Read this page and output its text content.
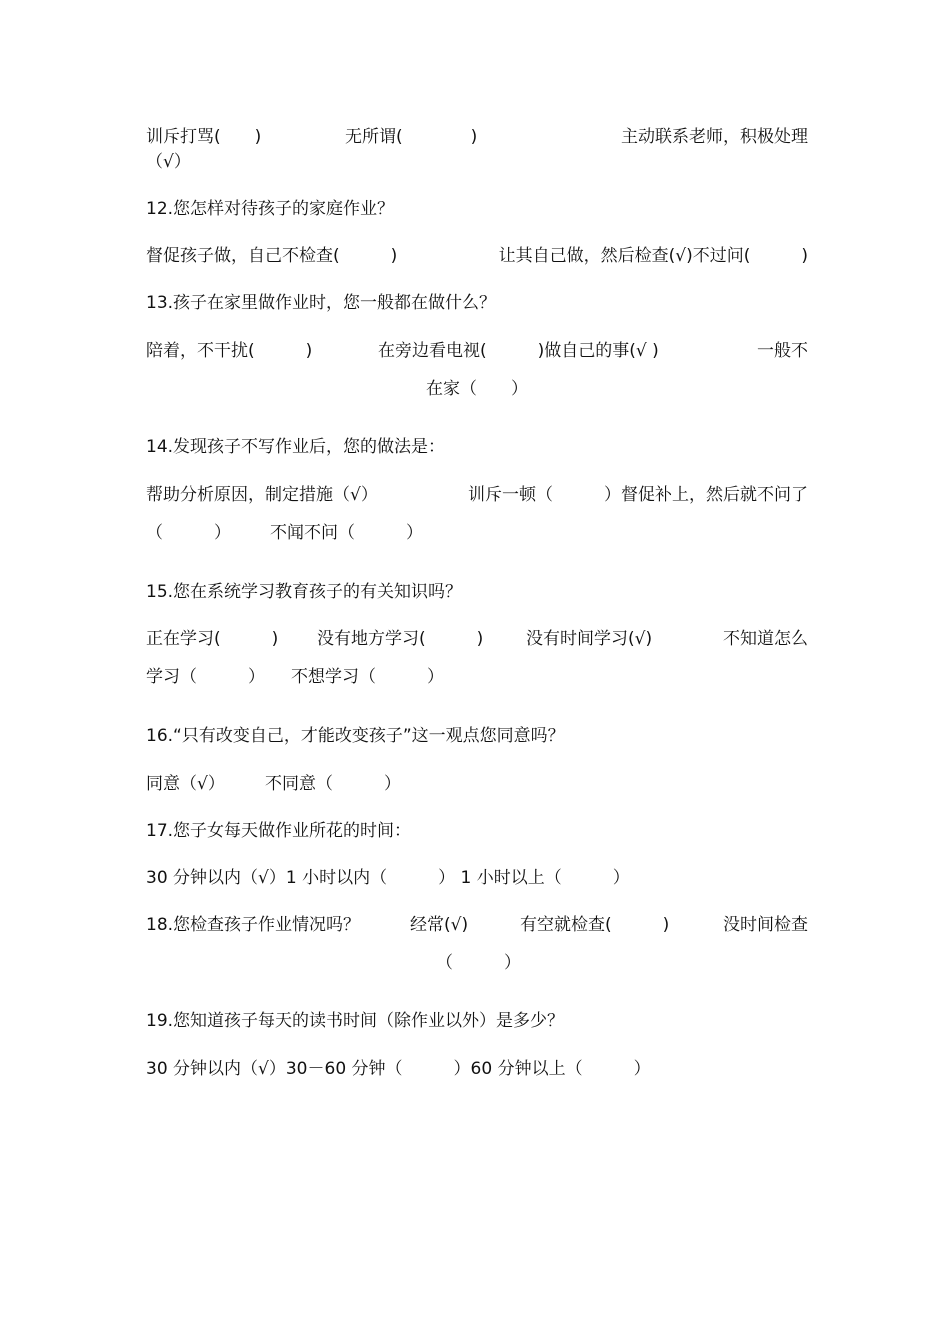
训斥打骂(　　)	无所谓(　　　　)	主动联系老师，积极处理
（√）
12.您怎样对待孩子的家庭作业？
督促孩子做，自己不检查(　　　)	让其自己做，然后检查(√)不过问(　　　)
13.孩子在家里做作业时，您一般都在做什么？
陪着，不干扰(　　　)	在旁边看电视(　　　)做自己的事(√ )	一般不
在家（　　）
14.发现孩子不写作业后，您的做法是：
帮助分析原因，制定措施（√）	训斥一顿（　　　）督促补上，然后就不问了
（　　　） 不闻不问（　　　）
15.您在系统学习教育孩子的有关知识吗？
正在学习(　　　) 没有地方学习(　　　)	没有时间学习(√)	不知道怎么
学习（　　　） 不想学习（　　　）
16.“只有改变自己，才能改变孩子”这一观点您同意吗？
同意（√） 不同意（　　　）
17.您子女每天做作业所花的时间：
30 分钟以内（√）1 小时以内（　　　） 1 小时以上（　　　）
18.您检查孩子作业情况吗？	经常(√)	有空就检查(　　　)	没时间检查
（　　　）
19.您知道孩子每天的读书时间（除作业以外）是多少？
30 分钟以内（√）30－60 分钟（　　　）60 分钟以上（　　　）
